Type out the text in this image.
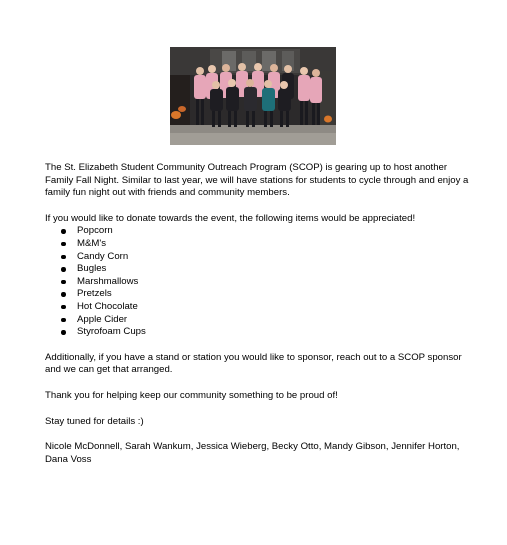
The St. Elizabeth Student Community Outreach Program (SCOP) is gearing up to host another Family Fall Night. Similar to last year, we will have stations for students to cycle through and enjoy a family fun night out with friends and community members.

If you would like to donate towards the event, the following items would be appreciated!

Popcorn
M&M's
Candy Corn
Bugles
Marshmallows
Pretzels
Hot Chocolate
Apple Cider
Styrofoam Cups

Additionally, if you have a stand or station you would like to sponsor, reach out to a SCOP sponsor and we can get that arranged.

Thank you for helping keep our community something to be proud of!

Stay tuned for details :)

Nicole McDonnell, Sarah Wankum, Jessica Wieberg, Becky Otto, Mandy Gibson, Jennifer Horton, Dana Voss
